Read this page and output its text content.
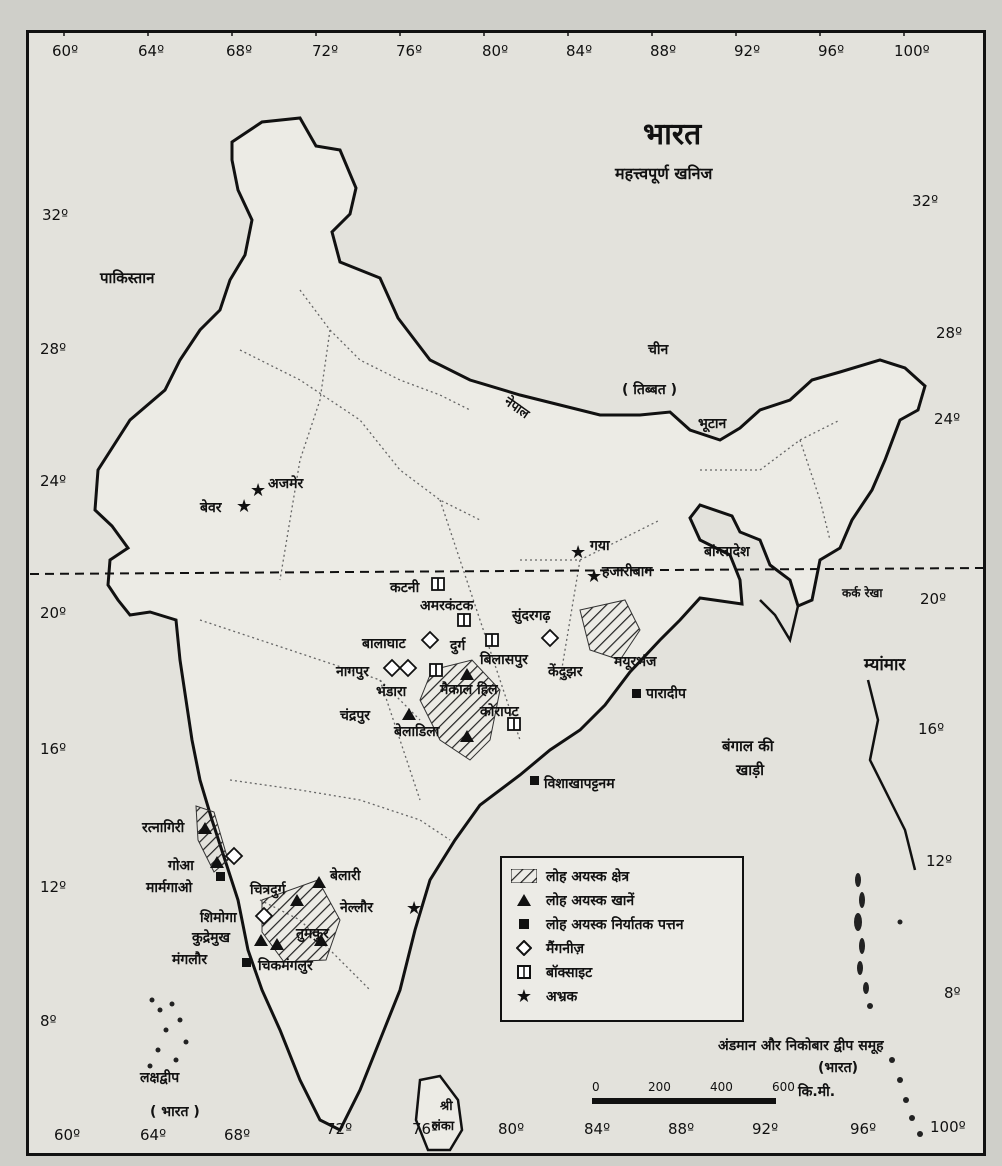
★
★
★
★
★
60º	64º	68º	72º	76º	80º	84º	88º	92º	96º	100º
60º	64º	68º	72º	76º	80º	84º	88º	92º	96º	100º
32º
28º
24º
20º
16º
12º
8º
32º
28º
24º
20º
16º
12º
8º
भारत
महत्त्वपूर्ण खनिज
पाकिस्तान
चीन
( तिब्बत )
नेपाल
भूटान
बांग्लादेश
म्यांमार
बंगाल की
खाड़ी
श्री
लंका
लक्षद्वीप
( भारत )
अंडमान और निकोबार द्वीप समूह
(भारत)
कर्क रेखा
अजमेर
बेवर
गया
हजारीबाग
कटनी
अमरकंटक
सुंदरगढ़
बालाघाट	दुर्ग
बिलासपुर
केंदुझर
मयूरभंज
नागपुर
भंडारा मैकाल हिल	पारादीप
चंद्रपुर	कोरापट
बेलाडिला
विशाखापट्टनम
रत्नागिरी
गोआ
मार्मगाओ	चित्रदुर्ग
बेलारी
शिमोगा
नेल्लौर
कुद्रेमुख	तुमकुर
मंगलौर	चिकमंगलुर
लोह अयस्क क्षेत्र
लोह अयस्क खानें
लोह अयस्क निर्यातक पत्तन
मैंगनीज़
बॉक्साइट
★ अभ्रक
0	200	400	600 कि.मी.
